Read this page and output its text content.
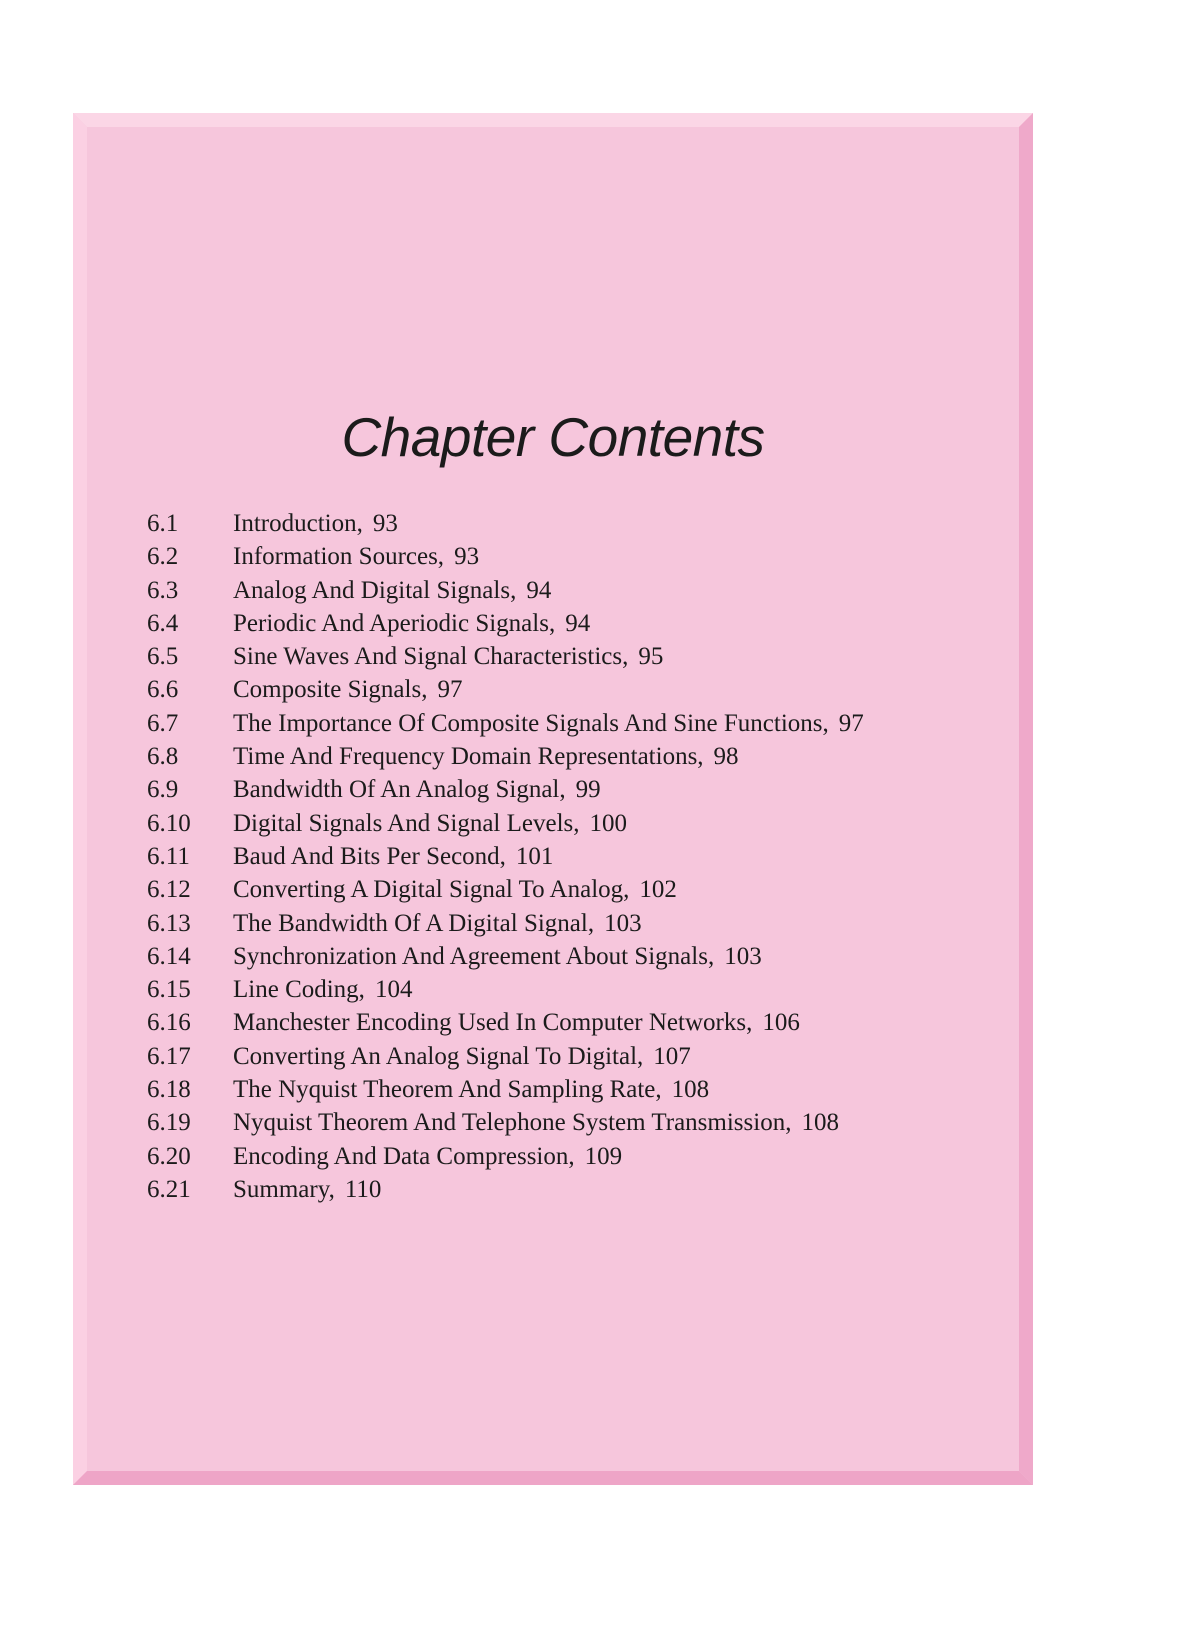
Chapter Contents
6.1 Introduction, 93
6.2 Information Sources, 93
6.3 Analog And Digital Signals, 94
6.4 Periodic And Aperiodic Signals, 94
6.5 Sine Waves And Signal Characteristics, 95
6.6 Composite Signals, 97
6.7 The Importance Of Composite Signals And Sine Functions, 97
6.8 Time And Frequency Domain Representations, 98
6.9 Bandwidth Of An Analog Signal, 99
6.10 Digital Signals And Signal Levels, 100
6.11 Baud And Bits Per Second, 101
6.12 Converting A Digital Signal To Analog, 102
6.13 The Bandwidth Of A Digital Signal, 103
6.14 Synchronization And Agreement About Signals, 103
6.15 Line Coding, 104
6.16 Manchester Encoding Used In Computer Networks, 106
6.17 Converting An Analog Signal To Digital, 107
6.18 The Nyquist Theorem And Sampling Rate, 108
6.19 Nyquist Theorem And Telephone System Transmission, 108
6.20 Encoding And Data Compression, 109
6.21 Summary, 110
